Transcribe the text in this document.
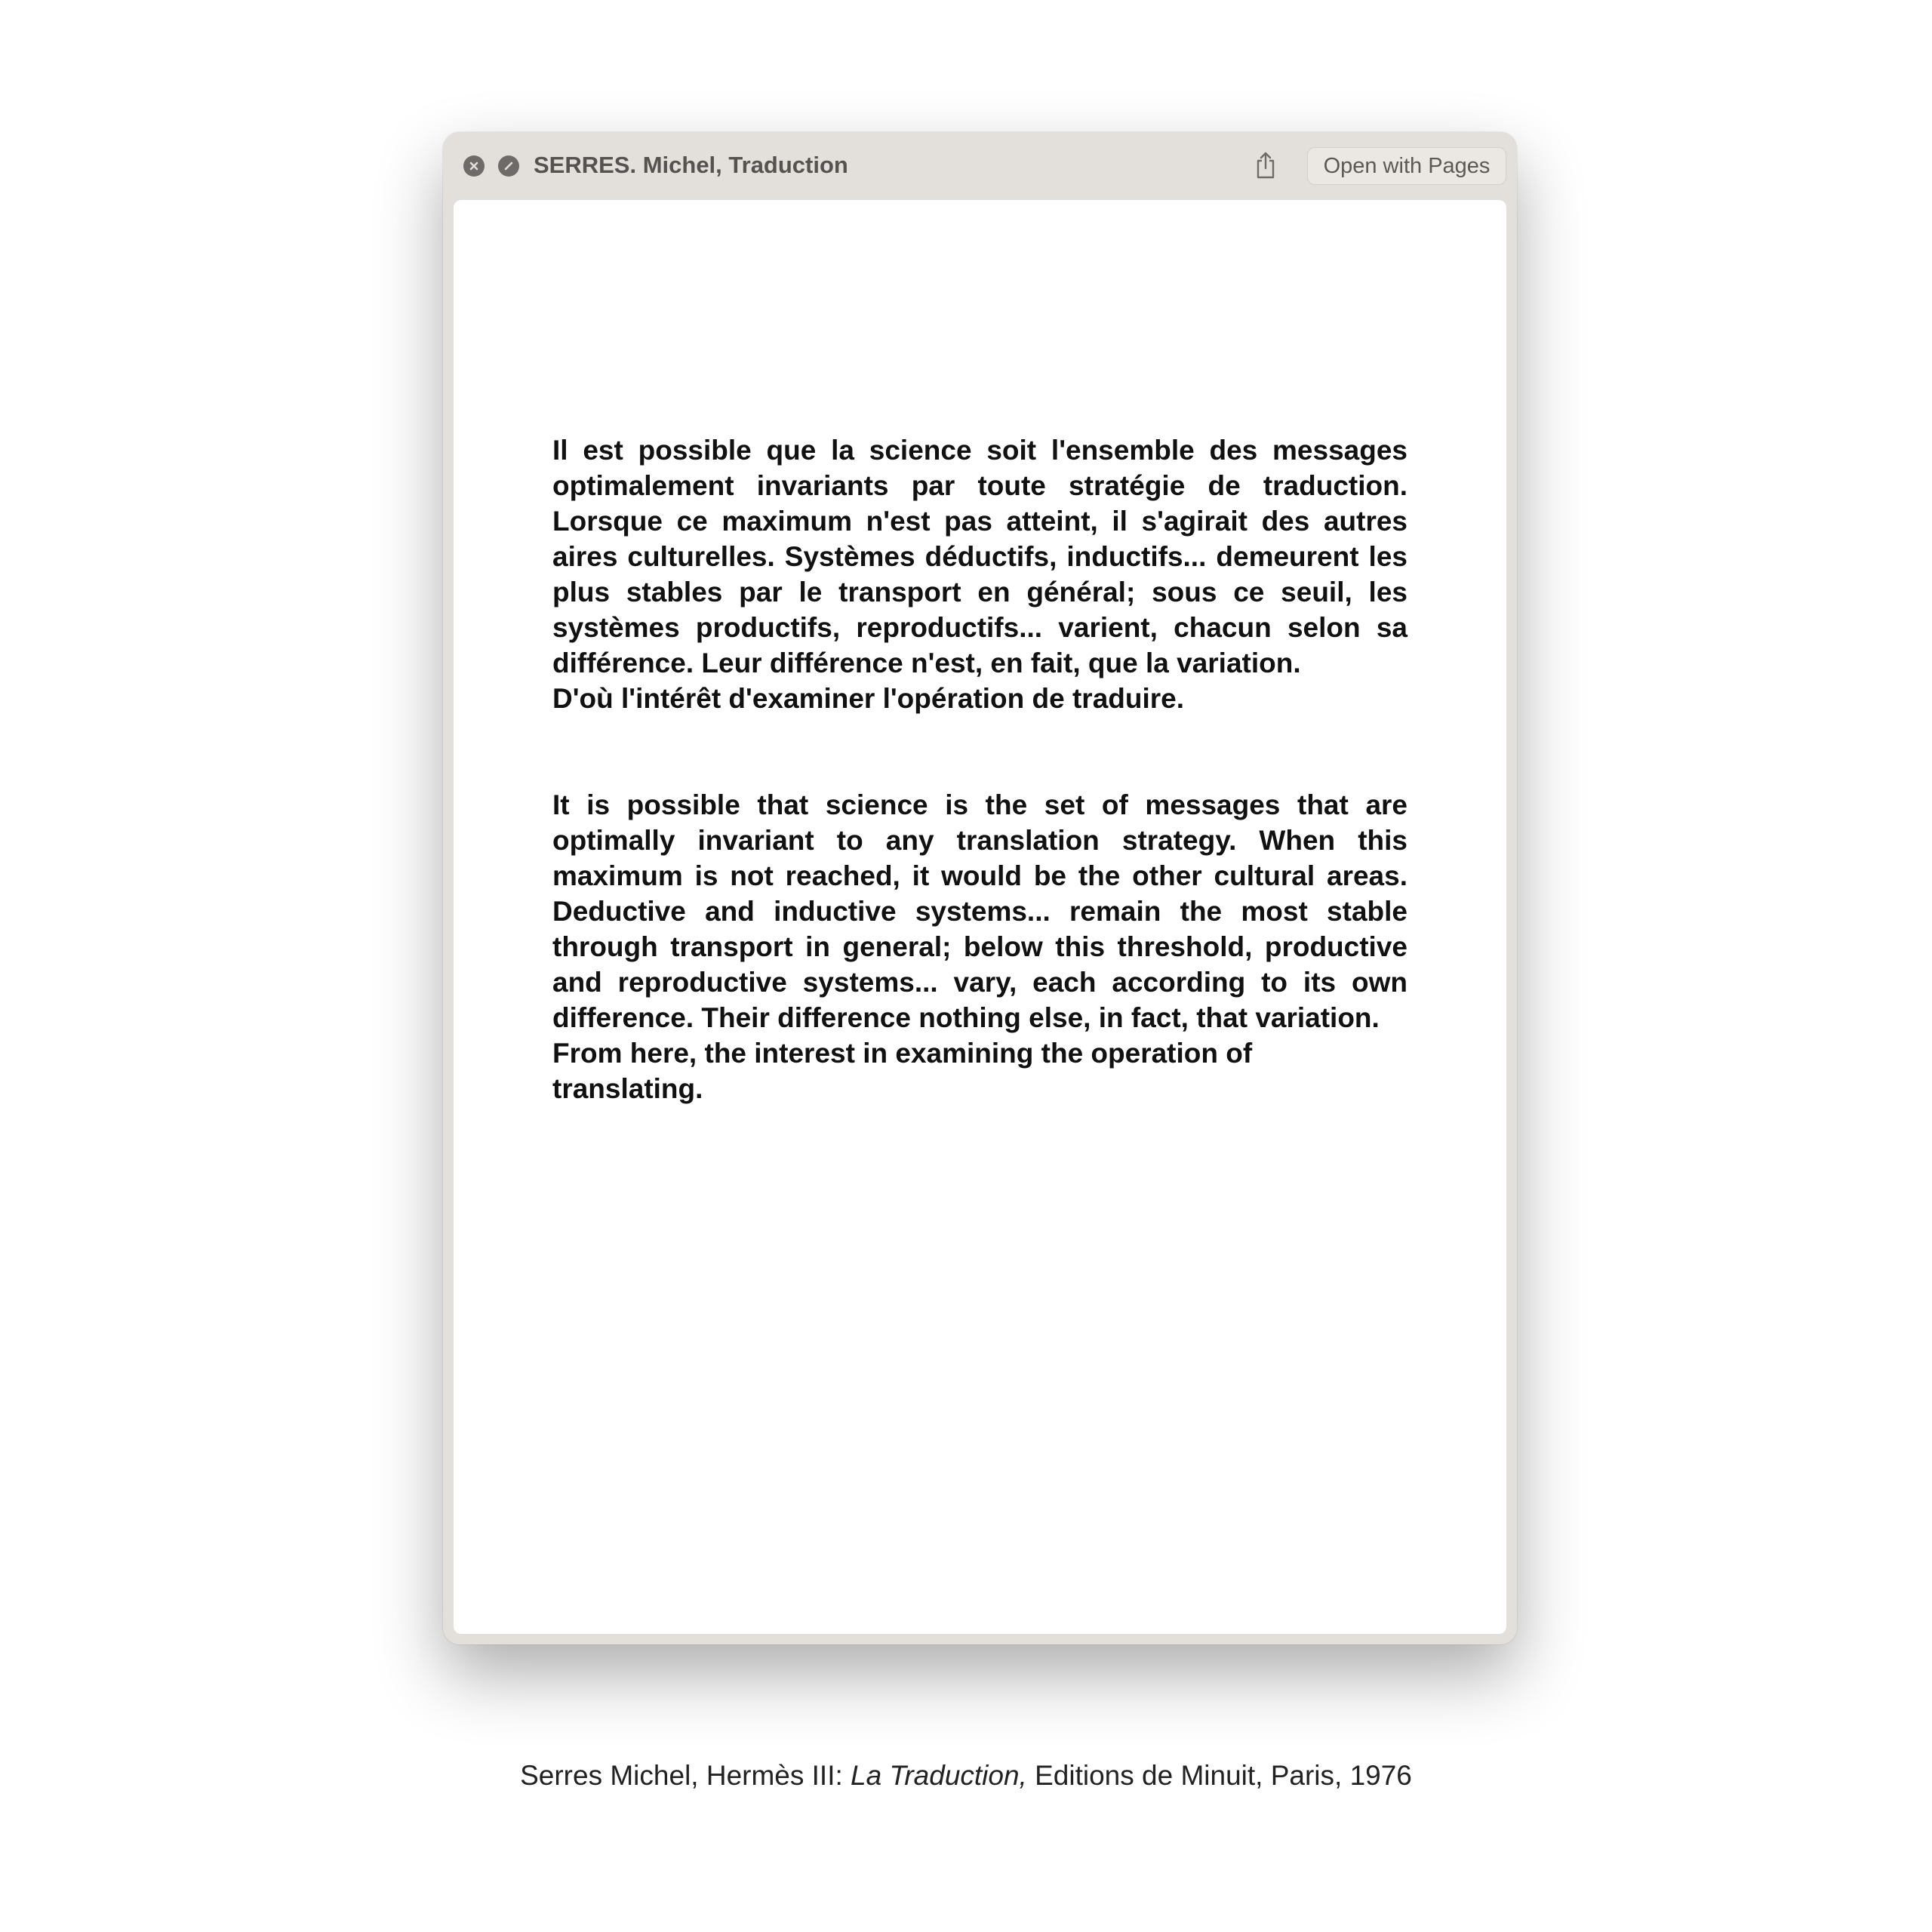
SERRES. Michel, Traduction	Open with Pages

Il est possible que la science soit l'ensemble des messages optimalement invariants par toute stratégie de traduction. Lorsque ce maximum n'est pas atteint, il s'agirait des autres aires culturelles. Systèmes déductifs, inductifs... demeurent les plus stables par le transport en général; sous ce seuil, les systèmes productifs, reproductifs... varient, chacun selon sa différence. Leur différence n'est, en fait, que la variation.

D'où l'intérêt d'examiner l'opération de traduire.

It is possible that science is the set of messages that are optimally invariant to any translation strategy. When this maximum is not reached, it would be the other cultural areas. Deductive and inductive systems... remain the most stable through transport in general; below this threshold, productive and reproductive systems... vary, each according to its own difference. Their difference nothing else, in fact, that variation.

From here, the interest in examining the operation of translating.

Serres Michel, Hermès III: La Traduction, Editions de Minuit, Paris, 1976
